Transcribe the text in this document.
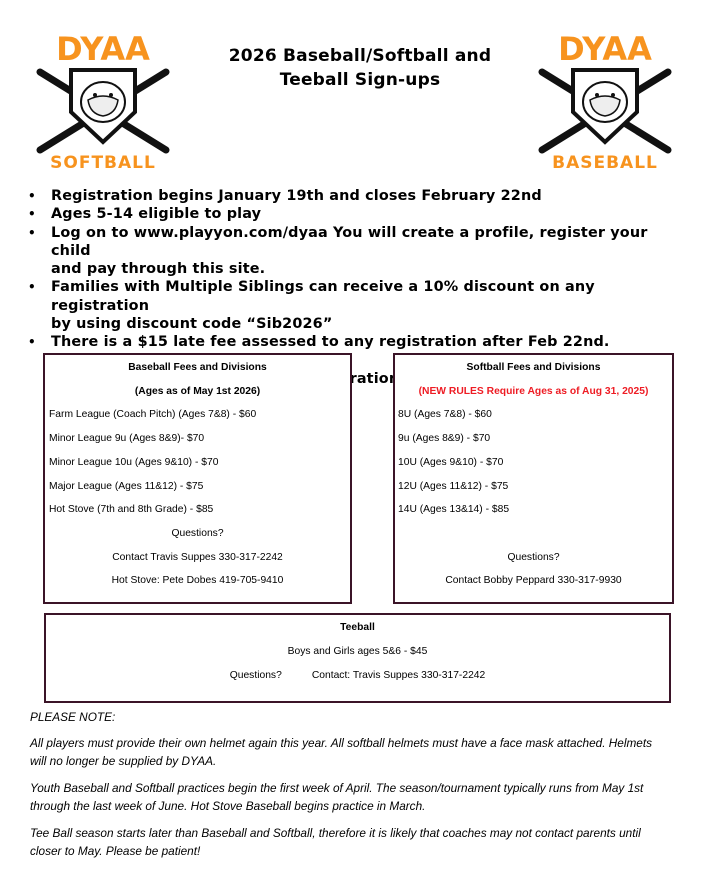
DYAA
SOFTBALL
2026 Baseball/Softball and
Teeball Sign-ups
DYAA
BASEBALL
• Registration begins January 19th and closes February 22nd
• Ages 5-14 eligible to play
• Log on to www.playyon.com/dyaa You will create a profile, register your child
and pay through this site.
• Families with Multiple Siblings can receive a 10% discount on any registration
by using discount code “Sib2026”
• There is a $15 late fee assessed to any registration after Feb 22nd.
registrations
Baseball Fees and Divisions
(Ages as of May 1st 2026)
Farm League (Coach Pitch) (Ages 7&8) - $60
Minor League 9u (Ages 8&9)- $70
Minor League 10u (Ages 9&10) - $70
Major League (Ages 11&12) - $75
Hot Stove (7th and 8th Grade) - $85
Questions?
Contact Travis Suppes 330-317-2242
Hot Stove: Pete Dobes 419-705-9410
Softball Fees and Divisions
(NEW RULES Require Ages as of Aug 31, 2025)
8U (Ages 7&8) - $60
9u (Ages 8&9) - $70
10U (Ages 9&10) - $70
12U (Ages 11&12) - $75
14U (Ages 13&14) - $85
Questions?
Contact Bobby Peppard 330-317-9930
Teeball
Boys and Girls ages 5&6 - $45
Questions?	Contact: Travis Suppes 330-317-2242
PLEASE NOTE:
All players must provide their own helmet again this year. All softball helmets must have a face mask attached. Helmets
will no longer be supplied by DYAA.
Youth Baseball and Softball practices begin the first week of April. The season/tournament typically runs from May 1st
through the last week of June. Hot Stove Baseball begins practice in March.
Tee Ball season starts later than Baseball and Softball, therefore it is likely that coaches may not contact parents until
closer to May. Please be patient!
